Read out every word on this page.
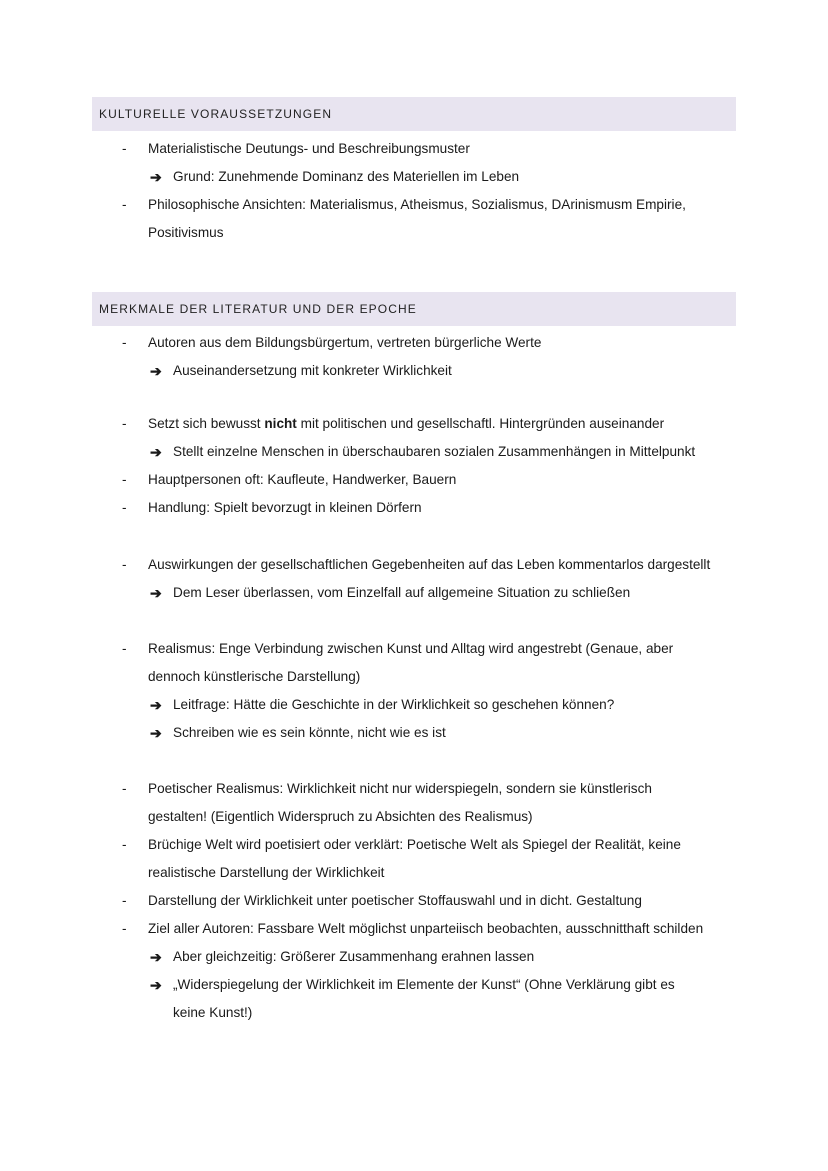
KULTURELLE VORAUSSETZUNGEN
- Materialistische Deutungs- und Beschreibungsmuster
➔ Grund: Zunehmende Dominanz des Materiellen im Leben
- Philosophische Ansichten: Materialismus, Atheismus, Sozialismus, DArinismusm Empirie,
Positivismus
MERKMALE DER LITERATUR UND DER EPOCHE
- Autoren aus dem Bildungsbürgertum, vertreten bürgerliche Werte
➔ Auseinandersetzung mit konkreter Wirklichkeit
- Setzt sich bewusst nicht mit politischen und gesellschaftl. Hintergründen auseinander
➔ Stellt einzelne Menschen in überschaubaren sozialen Zusammenhängen in Mittelpunkt
- Hauptpersonen oft: Kaufleute, Handwerker, Bauern
- Handlung: Spielt bevorzugt in kleinen Dörfern
- Auswirkungen der gesellschaftlichen Gegebenheiten auf das Leben kommentarlos dargestellt
➔ Dem Leser überlassen, vom Einzelfall auf allgemeine Situation zu schließen
- Realismus: Enge Verbindung zwischen Kunst und Alltag wird angestrebt (Genaue, aber
dennoch künstlerische Darstellung)
➔ Leitfrage: Hätte die Geschichte in der Wirklichkeit so geschehen können?
➔ Schreiben wie es sein könnte, nicht wie es ist
- Poetischer Realismus: Wirklichkeit nicht nur widerspiegeln, sondern sie künstlerisch
gestalten! (Eigentlich Widerspruch zu Absichten des Realismus)
- Brüchige Welt wird poetisiert oder verklärt: Poetische Welt als Spiegel der Realität, keine
realistische Darstellung der Wirklichkeit
- Darstellung der Wirklichkeit unter poetischer Stoffauswahl und in dicht. Gestaltung
- Ziel aller Autoren: Fassbare Welt möglichst unparteiisch beobachten, ausschnitthaft schilden
➔ Aber gleichzeitig: Größerer Zusammenhang erahnen lassen
➔ „Widerspiegelung der Wirklichkeit im Elemente der Kunst“ (Ohne Verklärung gibt es
keine Kunst!)
